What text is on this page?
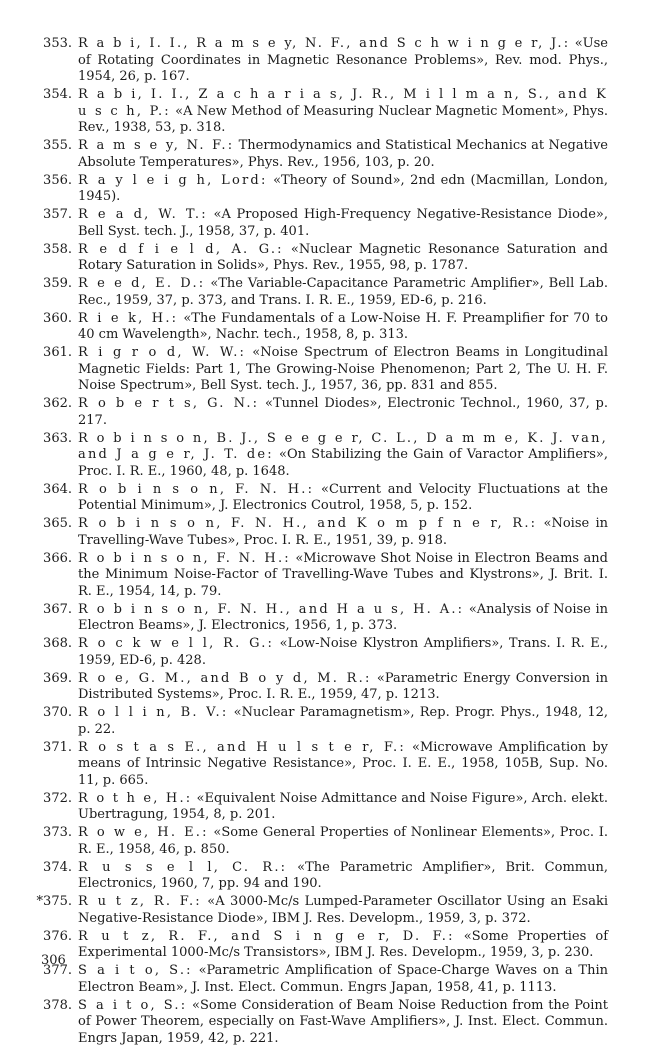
353. R a b i, I. I., R a m s e y, N. F., and S c h w i n g e r, J.: «Use of Rotating Coordinates in Magnetic Resonance Problems», Rev. mod. Phys., 1954, 26, p. 167.
354. R a b i, I. I., Z a c h a r i a s, J. R., M i l l m a n, S., and K u s c h, P.: «A New Method of Measuring Nuclear Magnetic Moment», Phys. Rev., 1938, 53, p. 318.
355. R a m s e y, N. F.: Thermodynamics and Statistical Mechanics at Negative Absolute Temperatures», Phys. Rev., 1956, 103, p. 20.
356. R a y l e i g h, Lord: «Theory of Sound», 2nd edn (Macmillan, London, 1945).
357. R e a d, W. T.: «A Proposed High-Frequency Negative-Resistance Diode», Bell Syst. tech. J., 1958, 37, p. 401.
358. R e d f i e l d, A. G.: «Nuclear Magnetic Resonance Saturation and Rotary Saturation in Solids», Phys. Rev., 1955, 98, p. 1787.
359. R e e d, E. D.: «The Variable-Capacitance Parametric Amplifier», Bell Lab. Rec., 1959, 37, p. 373, and Trans. I. R. E., 1959, ED-6, p. 216.
360. R i e k, H.: «The Fundamentals of a Low-Noise H. F. Preamplifier for 70 to 40 cm Wavelength», Nachr. tech., 1958, 8, p. 313.
361. R i g r o d, W. W.: «Noise Spectrum of Electron Beams in Longitudinal Magnetic Fields: Part 1, The Growing-Noise Phenomenon; Part 2, The U. H. F. Noise Spectrum», Bell Syst. tech. J., 1957, 36, pp. 831 and 855.
362. R o b e r t s, G. N.: «Tunnel Diodes», Electronic Technol., 1960, 37, p. 217.
363. R o b i n s o n, B. J., S e e g e r, C. L., D a m m e, K. J. van, and J a g e r, J. T. de: «On Stabilizing the Gain of Varactor Amplifiers», Proc. I. R. E., 1960, 48, p. 1648.
364. R o b i n s o n, F. N. H.: «Current and Velocity Fluctuations at the Potential Minimum», J. Electronics Coutrol, 1958, 5, p. 152.
365. R o b i n s o n, F. N. H., and K o m p f n e r, R.: «Noise in Travelling-Wave Tubes», Proc. I. R. E., 1951, 39, p. 918.
366. R o b i n s o n, F. N. H.: «Microwave Shot Noise in Electron Beams and the Minimum Noise-Factor of Travelling-Wave Tubes and Klystrons», J. Brit. I. R. E., 1954, 14, p. 79.
367. R o b i n s o n, F. N. H., and H a u s, H. A.: «Analysis of Noise in Electron Beams», J. Electronics, 1956, 1, p. 373.
368. R o c k w e l l, R. G.: «Low-Noise Klystron Amplifiers», Trans. I. R. E., 1959, ED-6, p. 428.
369. R o e, G. M., and B o y d, M. R.: «Parametric Energy Conversion in Distributed Systems», Proc. I. R. E., 1959, 47, p. 1213.
370. R o l l i n, B. V.: «Nuclear Paramagnetism», Rep. Progr. Phys., 1948, 12, p. 22.
371. R o s t a s E., and H u l s t e r, F.: «Microwave Amplification by means of Intrinsic Negative Resistance», Proc. I. E. E., 1958, 105B, Sup. No. 11, p. 665.
372. R o t h e, H.: «Equivalent Noise Admittance and Noise Figure», Arch. elekt. Ubertragung, 1954, 8, p. 201.
373. R o w e, H. E.: «Some General Properties of Nonlinear Elements», Proc. I. R. E., 1958, 46, p. 850.
374. R u s s e l l, C. R.: «The Parametric Amplifier», Brit. Commun, Electronics, 1960, 7, pp. 94 and 190.
*375. R u t z, R. F.: «A 3000-Mc/s Lumped-Parameter Oscillator Using an Esaki Negative-Resistance Diode», IBM J. Res. Developm., 1959, 3, p. 372.
376. R u t z, R. F., and S i n g e r, D. F.: «Some Properties of Experimental 1000-Mc/s Transistors», IBM J. Res. Developm., 1959, 3, p. 230.
377. S a i t o, S.: «Parametric Amplification of Space-Charge Waves on a Thin Electron Beam», J. Inst. Elect. Commun. Engrs Japan, 1958, 41, p. 1113.
378. S a i t o, S.: «Some Consideration of Beam Noise Reduction from the Point of Power Theorem, especially on Fast-Wave Amplifiers», J. Inst. Elect. Commun. Engrs Japan, 1959, 42, p. 221.
306
